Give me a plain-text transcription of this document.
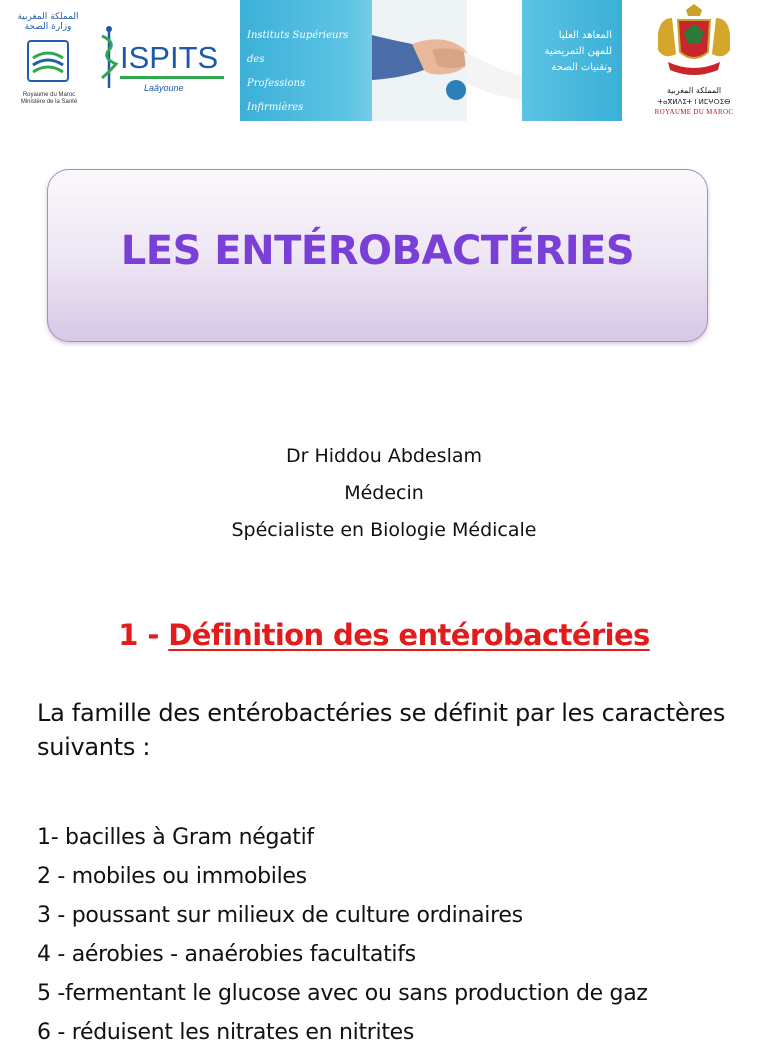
المملكة المغربية وزارة الصحة
Royaume du Maroc Ministère de la Santé
ISPITS
Laâyoune
Instituts Supérieurs des
Professions Infirmières
et Techniques de Santé
المعاهد العليا
للمهن التمريضية
وتقنيات الصحة
المملكة المغربية
ⵜⴰⴳⵍⴷⵉⵜ ⵏ ⵍⵎⵖⵔⵉⴱ
ROYAUME DU MAROC
LES ENTÉROBACTÉRIES
Dr Hiddou Abdeslam
Médecin
Spécialiste en Biologie Médicale
1 - Définition des entérobactéries
La famille des entérobactéries se définit par les caractères suivants :
1- bacilles à Gram négatif
2 - mobiles ou immobiles
3 - poussant sur milieux de culture ordinaires
4 - aérobies - anaérobies facultatifs
5 -fermentant le glucose avec ou sans production de gaz
6 - réduisent les nitrates en nitrites
